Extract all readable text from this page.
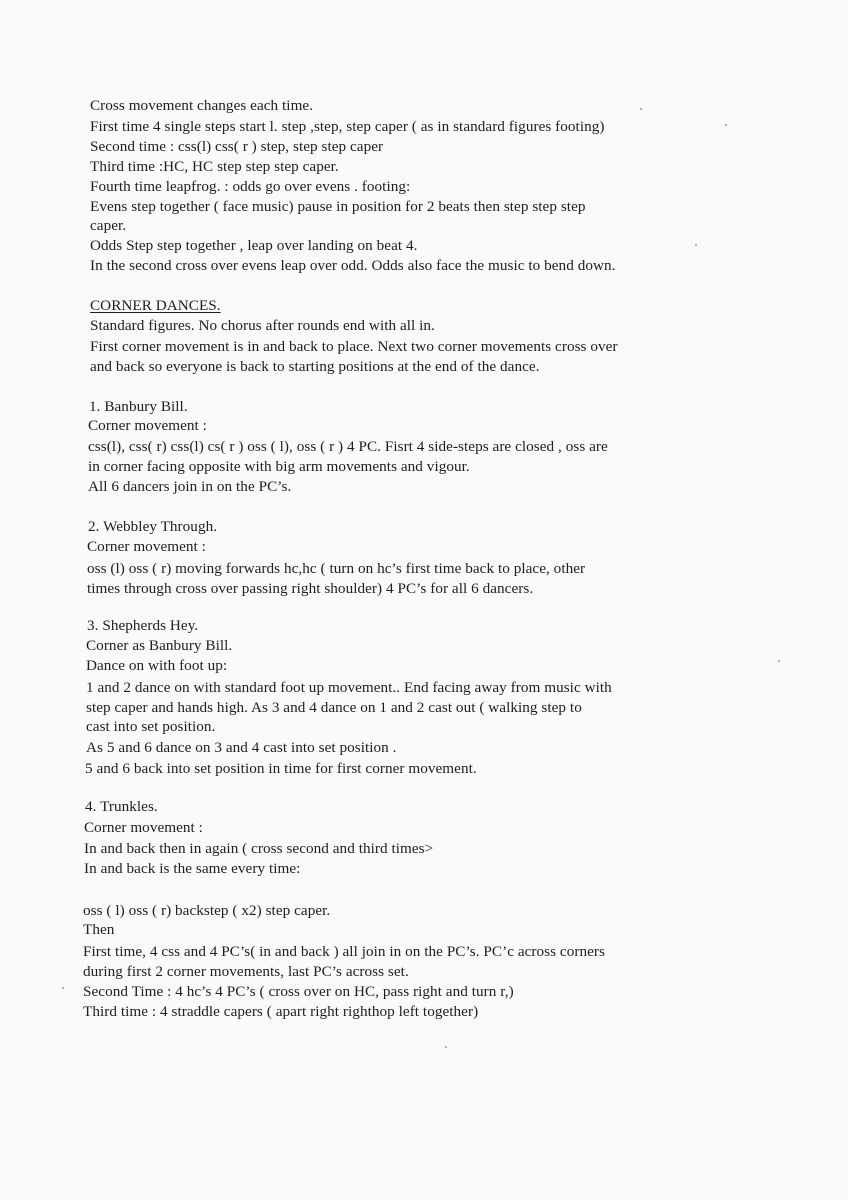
Cross movement changes each time.
First time 4 single steps start l. step ,step, step caper ( as in standard figures footing)
Second time : css(l) css( r ) step, step step caper
Third time :HC, HC step step step caper.
Fourth time leapfrog. : odds go over evens . footing:
Evens step together ( face music) pause in position for 2 beats then step step step
caper.
Odds Step step together , leap over landing on beat 4.
In the second cross over evens leap over odd. Odds also face the music to bend down.
CORNER DANCES.
Standard figures. No chorus after rounds end with all in.
First corner movement is in and back to place. Next two corner movements cross over
and back so everyone is back to starting positions at the end of the dance.
1. Banbury Bill.
Corner movement :
css(l), css( r) css(l) cs( r ) oss ( l), oss ( r ) 4 PC. Fisrt 4 side-steps are closed , oss are
in corner facing opposite with big arm movements and vigour.
All 6 dancers join in on the PC’s.
2. Webbley Through.
Corner movement :
oss (l) oss ( r) moving forwards hc,hc ( turn on hc’s first time back to place, other
times through cross over passing right shoulder) 4 PC’s for all 6 dancers.
3. Shepherds Hey.
Corner as Banbury Bill.
Dance on with foot up:
1 and 2 dance on with standard foot up movement.. End facing away from music with
step caper and hands high. As 3 and 4 dance on 1 and 2 cast out ( walking step to
cast into set position.
As 5 and 6 dance on 3 and 4 cast into set position .
5 and 6 back into set position in time for first corner movement.
4. Trunkles.
Corner movement :
In and back then in again ( cross second and third times>
In and back is the same every time:
oss ( l) oss ( r) backstep ( x2) step caper.
Then
First time, 4 css and 4 PC’s( in and back ) all join in on the PC’s. PC’c across corners
during first 2 corner movements, last PC’s across set.
Second Time : 4 hc’s 4 PC’s ( cross over on HC, pass right and turn r,)
Third time : 4 straddle capers ( apart right righthop left together)
